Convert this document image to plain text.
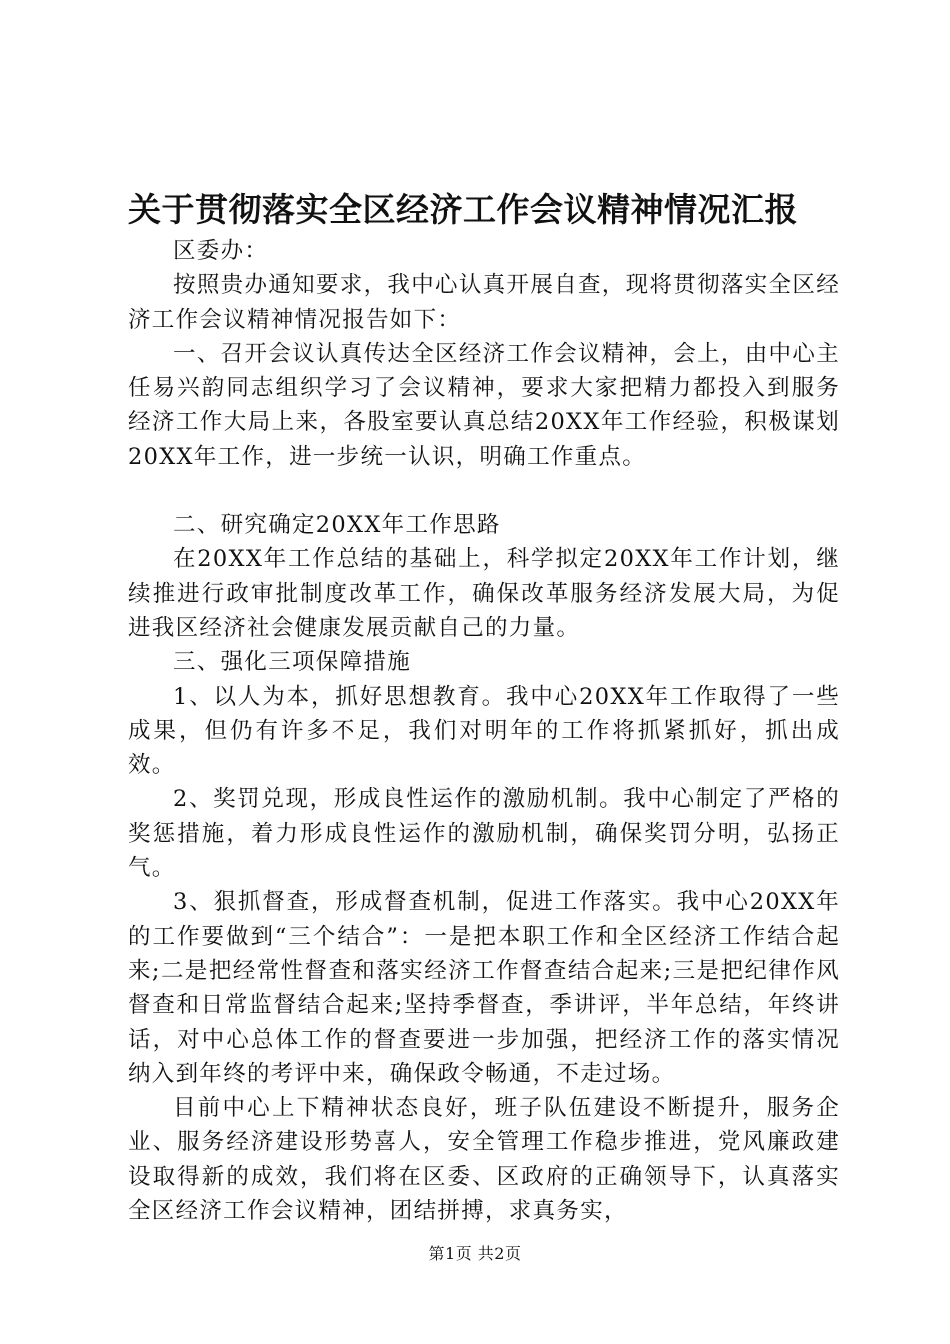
关于贯彻落实全区经济工作会议精神情况汇报

区委办：

按照贵办通知要求，我中心认真开展自查，现将贯彻落实全区经济工作会议精神情况报告如下：

一、召开会议认真传达全区经济工作会议精神，会上，由中心主任易兴韵同志组织学习了会议精神，要求大家把精力都投入到服务经济工作大局上来，各股室要认真总结20XX年工作经验，积极谋划20XX年工作，进一步统一认识，明确工作重点。

二、研究确定20XX年工作思路

在20XX年工作总结的基础上，科学拟定20XX年工作计划，继续推进行政审批制度改革工作，确保改革服务经济发展大局，为促进我区经济社会健康发展贡献自己的力量。

三、强化三项保障措施

1、以人为本，抓好思想教育。我中心20XX年工作取得了一些成果，但仍有许多不足，我们对明年的工作将抓紧抓好，抓出成效。

2、奖罚兑现，形成良性运作的激励机制。我中心制定了严格的奖惩措施，着力形成良性运作的激励机制，确保奖罚分明，弘扬正气。

3、狠抓督查，形成督查机制，促进工作落实。我中心20XX年的工作要做到“三个结合”：一是把本职工作和全区经济工作结合起来;二是把经常性督查和落实经济工作督查结合起来;三是把纪律作风督查和日常监督结合起来;坚持季督查，季讲评，半年总结，年终讲话，对中心总体工作的督查要进一步加强，把经济工作的落实情况纳入到年终的考评中来，确保政令畅通，不走过场。

目前中心上下精神状态良好，班子队伍建设不断提升，服务企业、服务经济建设形势喜人，安全管理工作稳步推进，党风廉政建设取得新的成效，我们将在区委、区政府的正确领导下，认真落实全区经济工作会议精神，团结拼搏，求真务实，

第1页 共2页
